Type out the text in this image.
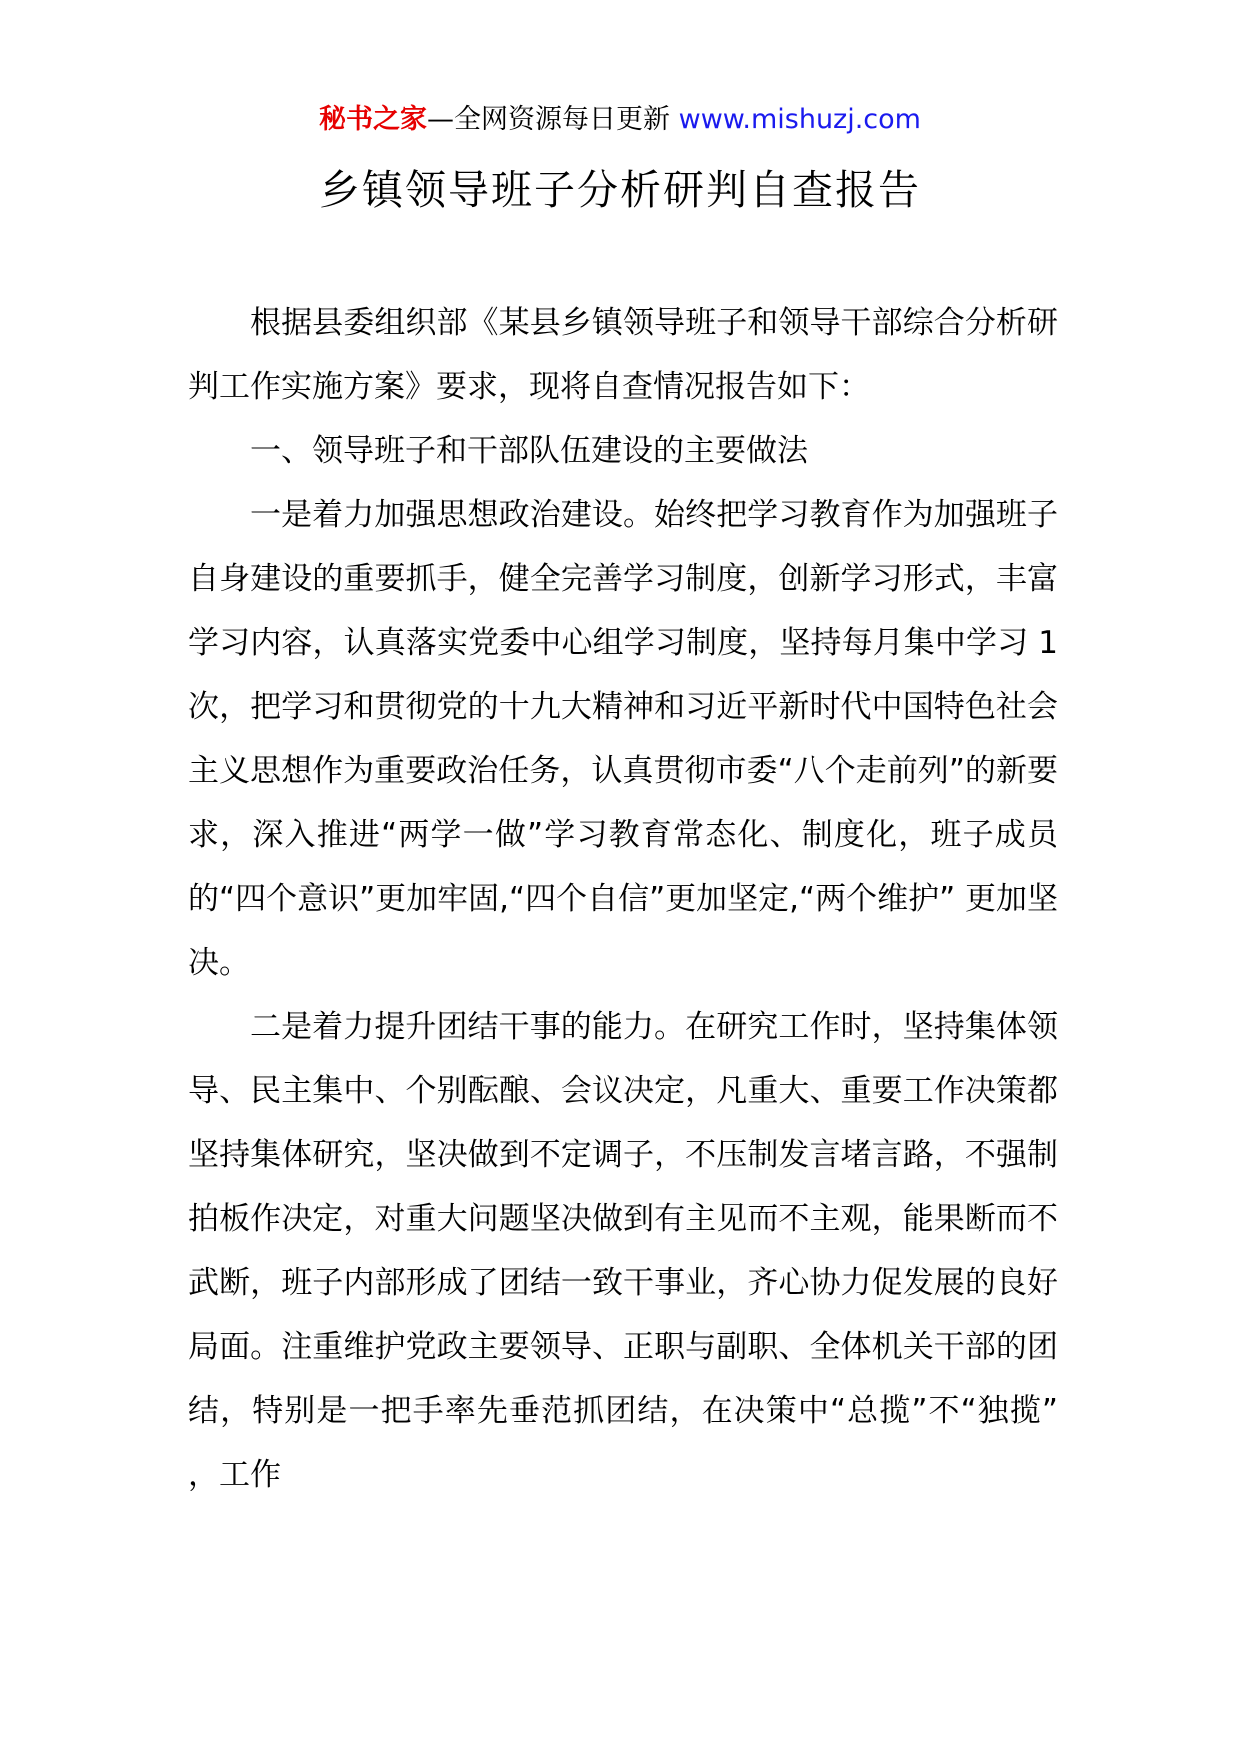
秘书之家—全网资源每日更新 www.mishuzj.com
乡镇领导班子分析研判自查报告

根据县委组织部《某县乡镇领导班子和领导干部综合分析研判工作实施方案》要求，现将自查情况报告如下：

一、领导班子和干部队伍建设的主要做法

一是着力加强思想政治建设。始终把学习教育作为加强班子自身建设的重要抓手，健全完善学习制度，创新学习形式，丰富学习内容，认真落实党委中心组学习制度，坚持每月集中学习 1 次，把学习和贯彻党的十九大精神和习近平新时代中国特色社会主义思想作为重要政治任务，认真贯彻市委“八个走前列”的新要求，深入推进“两学一做”学习教育常态化、制度化，班子成员的“四个意识”更加牢固,“四个自信”更加坚定,“两个维护” 更加坚决。

二是着力提升团结干事的能力。在研究工作时，坚持集体领导、民主集中、个别酝酿、会议决定，凡重大、重要工作决策都坚持集体研究，坚决做到不定调子，不压制发言堵言路，不强制拍板作决定，对重大问题坚决做到有主见而不主观，能果断而不武断，班子内部形成了团结一致干事业，齐心协力促发展的良好局面。注重维护党政主要领导、正职与副职、全体机关干部的团结，特别是一把手率先垂范抓团结，在决策中“总揽”不“独揽” ，工作
